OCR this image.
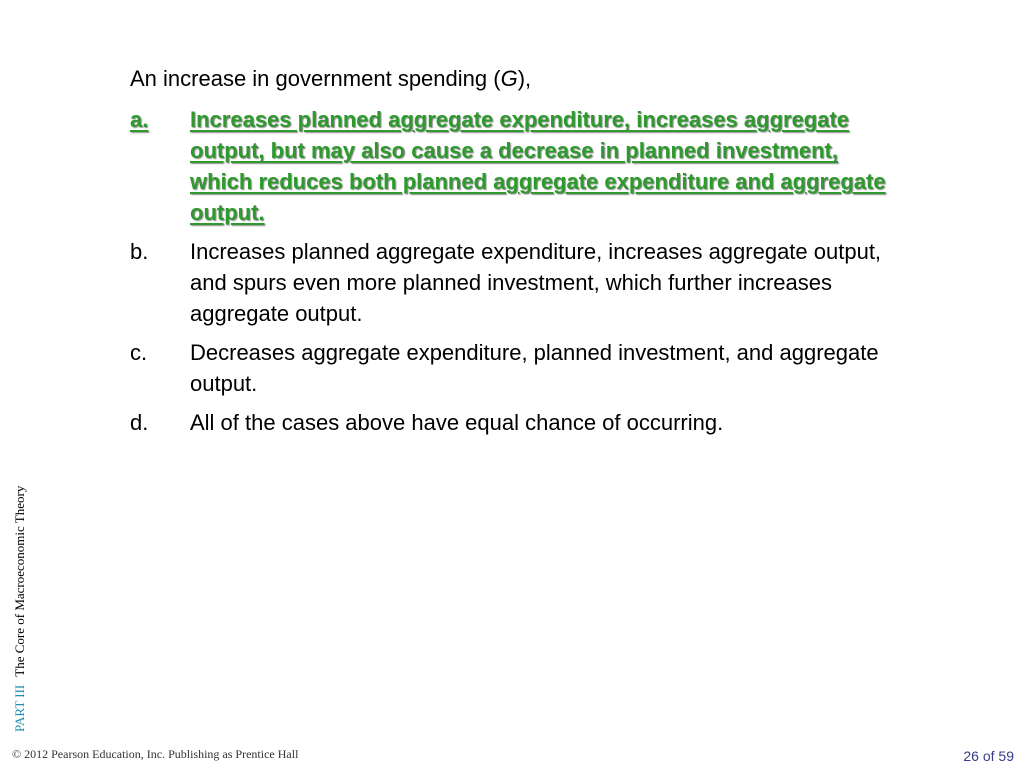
An increase in government spending (G),
a.	Increases planned aggregate expenditure, increases aggregate output, but may also cause a decrease in planned investment, which reduces both planned aggregate expenditure and aggregate output.
b.	Increases planned aggregate expenditure, increases aggregate output, and spurs even more planned investment, which further increases aggregate output.
c.	Decreases aggregate expenditure, planned investment, and aggregate output.
d.	All of the cases above have equal chance of occurring.
PART IIIThe Core of Macroeconomic Theory
© 2012 Pearson Education, Inc. Publishing as Prentice Hall	26 of 59
